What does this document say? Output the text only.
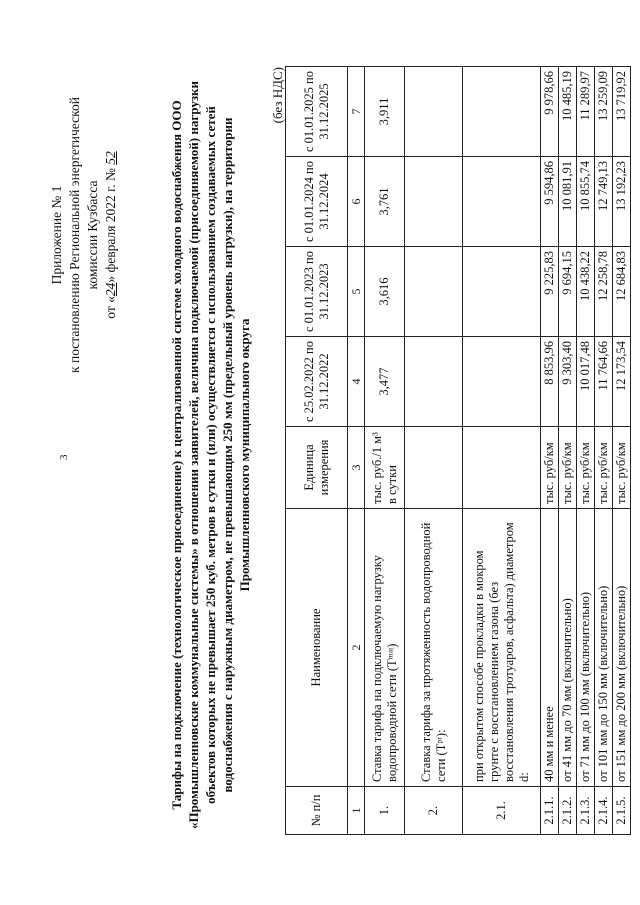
3
Приложение № 1 к постановлению Региональной энергетической комиссии Кузбасса
от «24» февраля 2022 г. № 52	Тарифы на подключение (технологическое присоединение) к централизованной системе холодного водоснабжения ООО «Промышленновские коммунальные системы» в отношении заявителей, величина подключаемой (присоединяемой) нагрузки объектов которых не превышает 250 куб. метров в сутки и (или) осуществляется с использованием создаваемых сетей водоснабжения с наружным диаметром, не превышающим 250 мм (предельный уровень нагрузки), на территории Промышленновского муниципального округа
(без НДС)
№ п/п	Наименование	Единица измерения	с 25.02.2022 по 31.12.2022	с 01.01.2023 по 31.12.2023	с 01.01.2024 по 31.12.2024	с 01.01.2025 по 31.12.2025
1	2	3	4	5	6	7
1.	Ставка тарифа на подключаемую нагрузку водопроводной сети (Тᵐᵃᵎ)	тыс. руб./1 м³ в сутки	3,477	3,616	3,761	3,911
2.	Ставка тарифа за протяженность водопроводной сети (Тᵖʳ):					
2.1.	при открытом способе прокладки в мокром грунте с восстановлением газона (без восстановления тротуаров, асфальта) диаметром d:					
2.1.1.	40 мм и менее	тыс. руб/км	8 853,96	9 225,83	9 594,86	9 978,66
2.1.2.	от 41 мм до 70 мм (включительно)	тыс. руб/км	9 303,40	9 694,15	10 081,91	10 485,19
2.1.3.	от 71 мм до 100 мм (включительно)	тыс. руб/км	10 017,48	10 438,22	10 855,74	11 289,97
2.1.4.	от 101 мм до 150 мм (включительно)	тыс. руб/км	11 764,66	12 258,78	12 749,13	13 259,09
2.1.5.	от 151 мм до 200 мм (включительно)	тыс. руб/км	12 173,54	12 684,83	13 192,23	13 719,92
